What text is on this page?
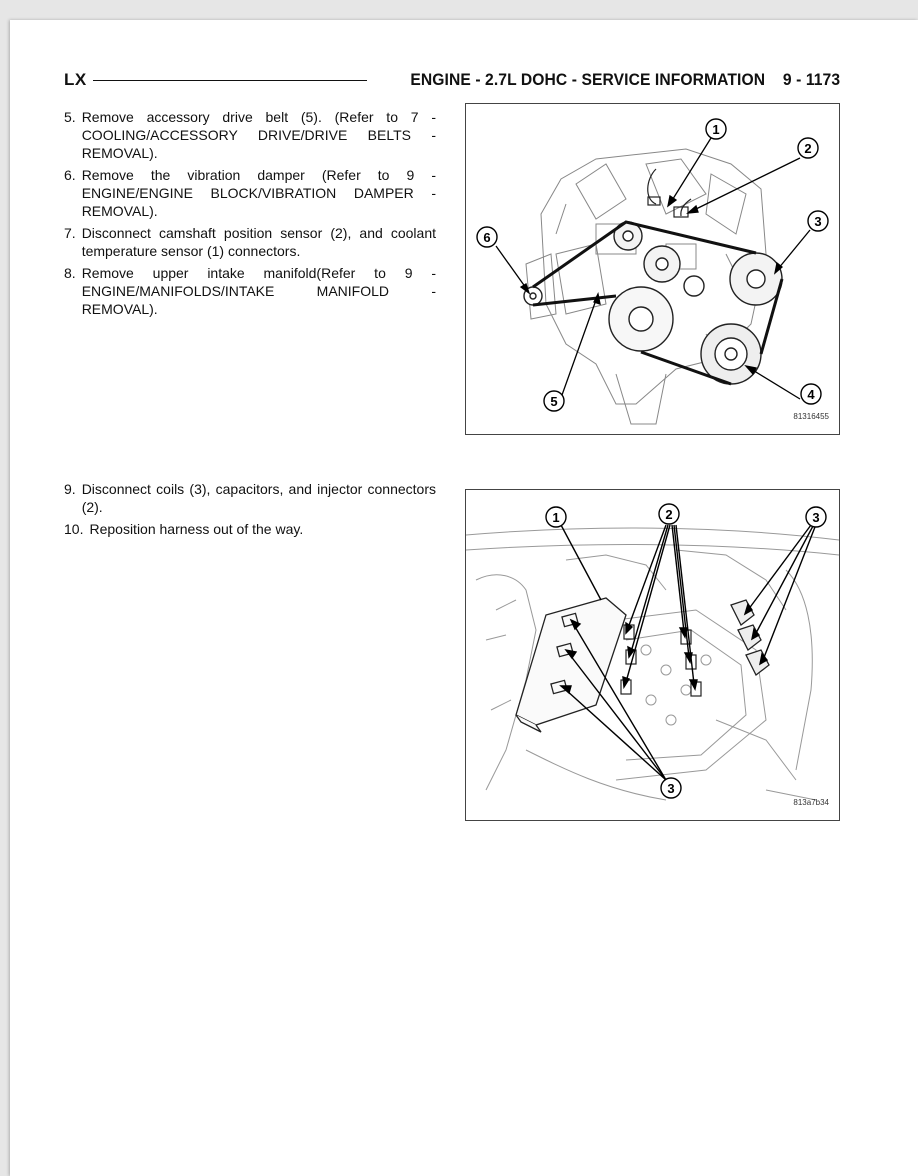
LX	ENGINE - 2.7L DOHC - SERVICE INFORMATION    9 - 1173
5. Remove accessory drive belt (5). (Refer to 7 - COOLING/ACCESSORY DRIVE/DRIVE BELTS - REMOVAL).
6. Remove the vibration damper (Refer to 9 - ENGINE/ENGINE BLOCK/VIBRATION DAMPER - REMOVAL).
7. Disconnect camshaft position sensor (2), and coolant temperature sensor (1) connectors.
8. Remove upper intake manifold(Refer to 9 - ENGINE/MANIFOLDS/INTAKE MANIFOLD - REMOVAL).
9. Disconnect coils (3), capacitors, and injector connectors (2).
10. Reposition harness out of the way.
1
2
3
4
5
6
81316455
1	2	3
3
813a7b34
